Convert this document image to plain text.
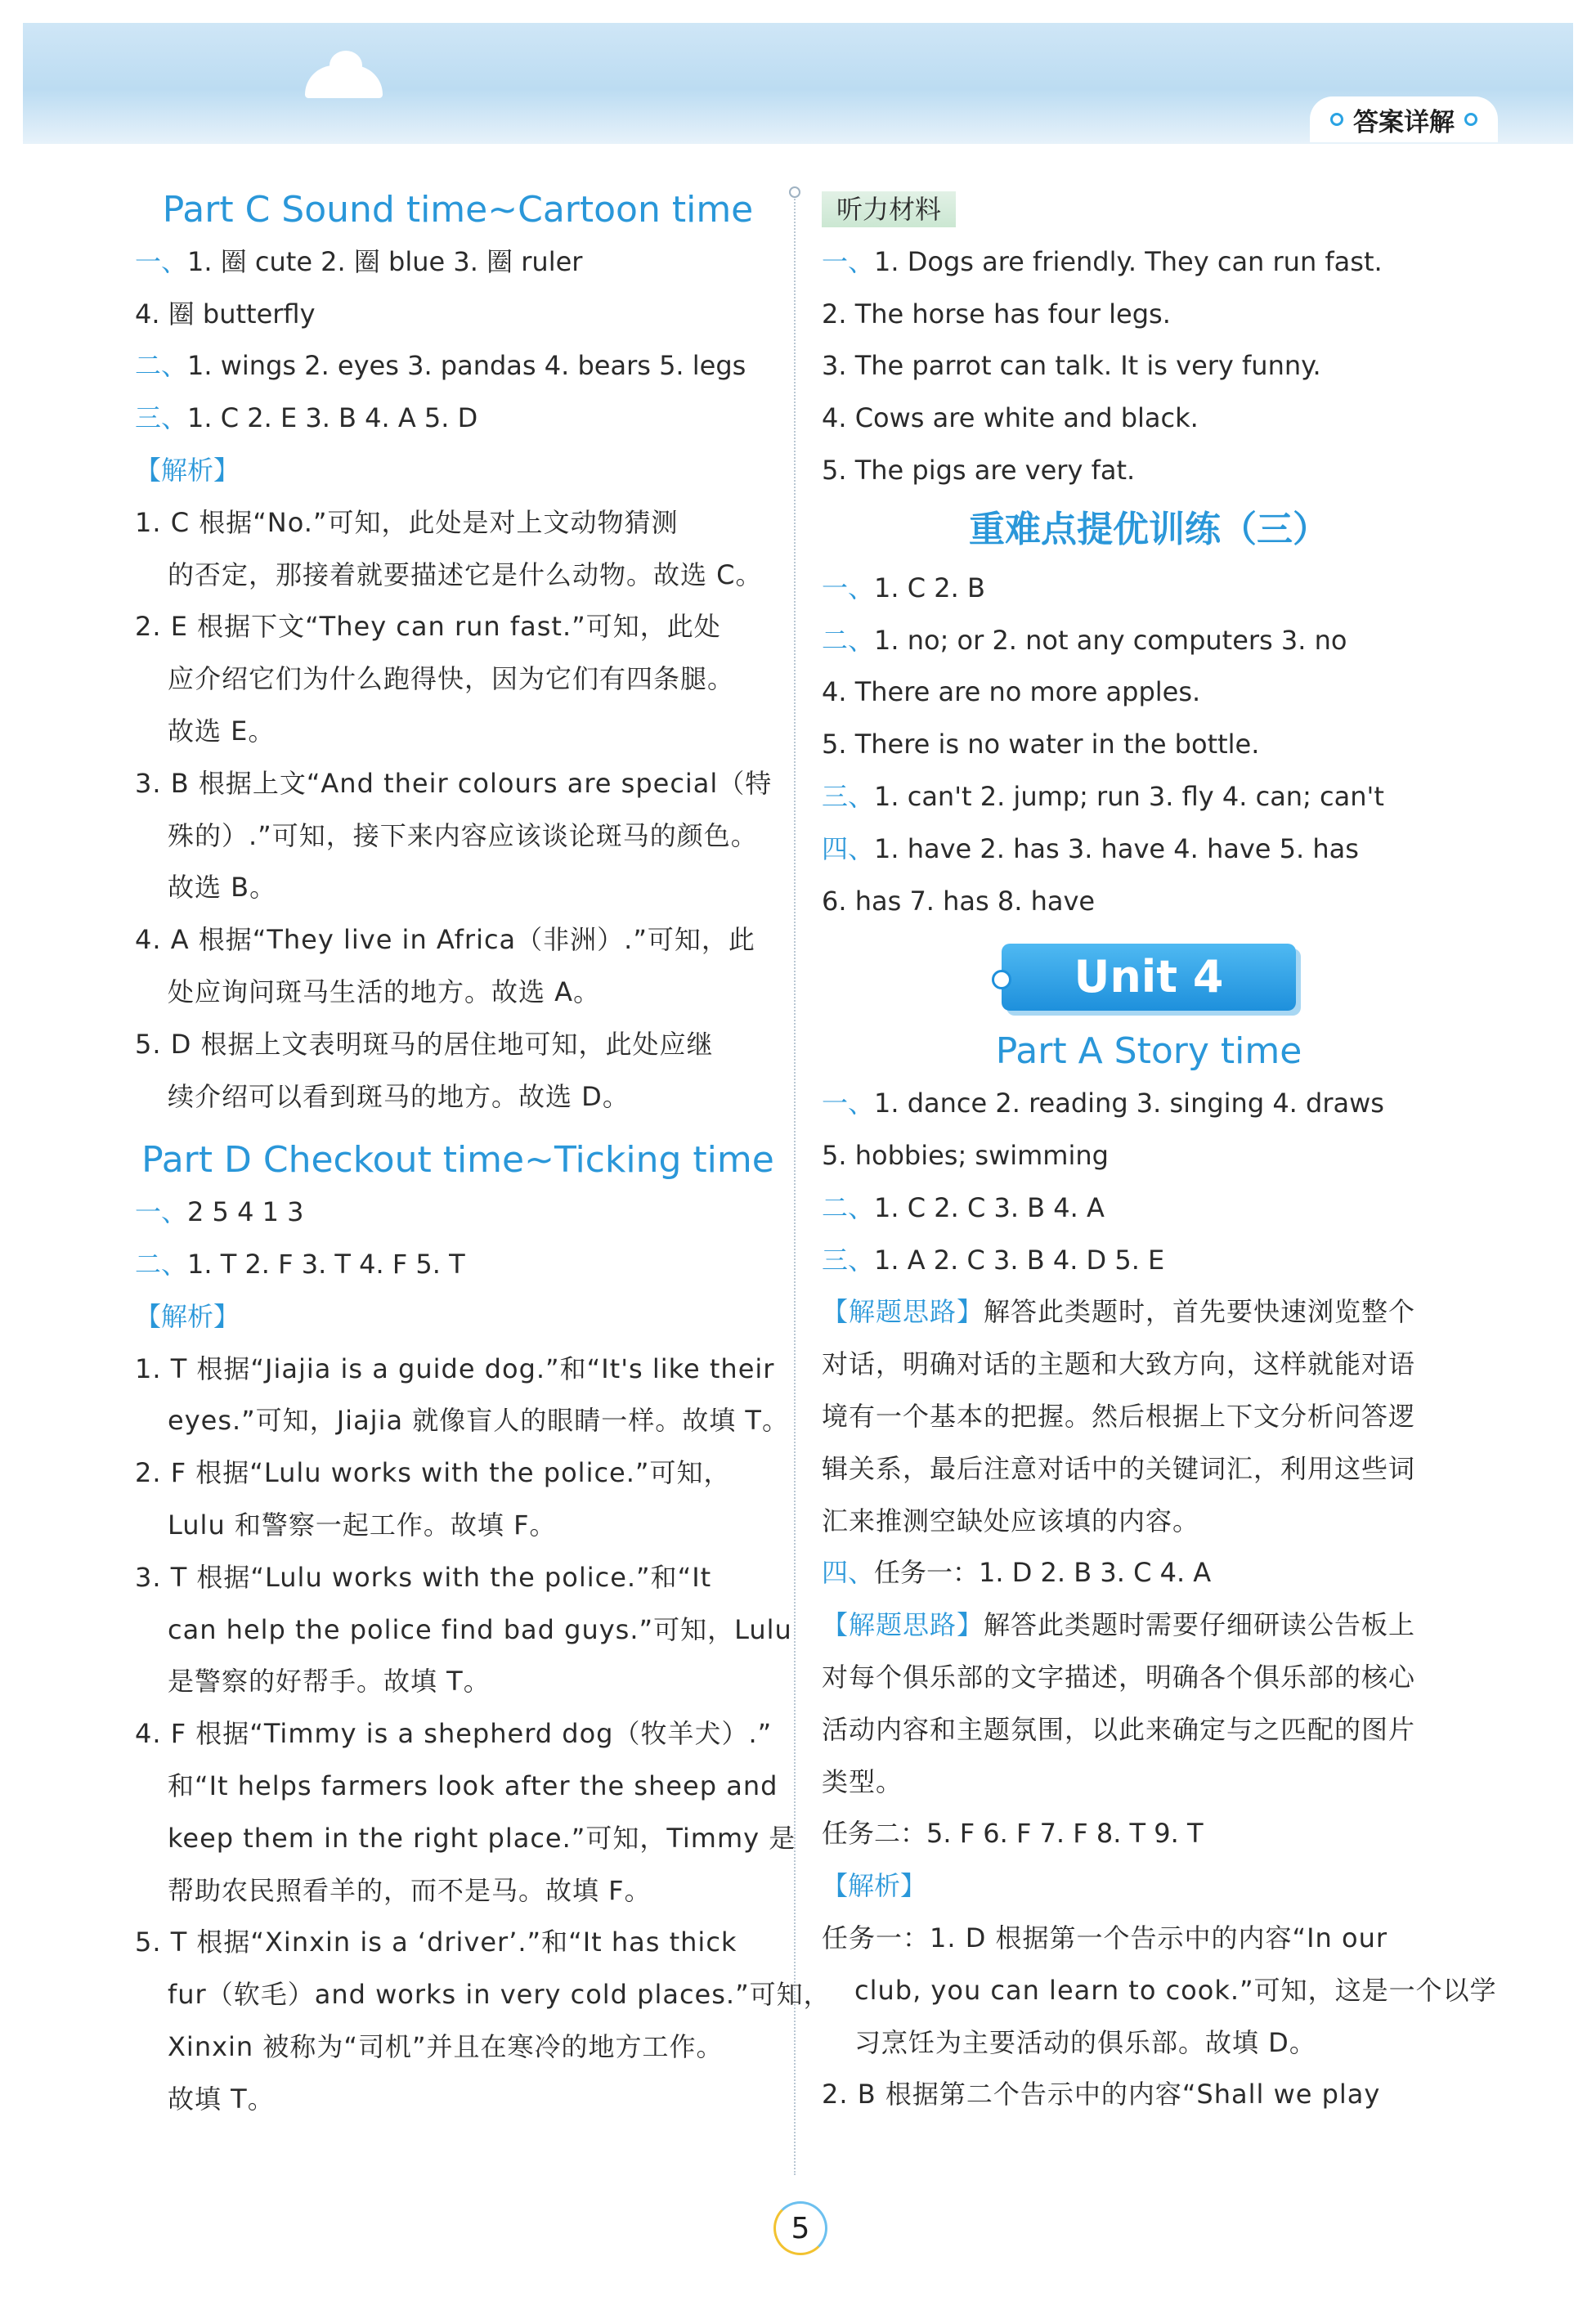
答案详解
Part C Sound time~Cartoon time
一、1. 圈 cute 2. 圈 blue 3. 圈 ruler
4. 圈 butterfly
二、1. wings 2. eyes 3. pandas 4. bears 5. legs
三、1. C 2. E 3. B 4. A 5. D
【解析】
1. C 根据“No.”可知，此处是对上文动物猜测
的否定，那接着就要描述它是什么动物。故选 C。
2. E 根据下文“They can run fast.”可知，此处
应介绍它们为什么跑得快，因为它们有四条腿。
故选 E。
3. B 根据上文“And their colours are special（特
殊的）.”可知，接下来内容应该谈论斑马的颜色。
故选 B。
4. A 根据“They live in Africa（非洲）.”可知，此
处应询问斑马生活的地方。故选 A。
5. D 根据上文表明斑马的居住地可知，此处应继
续介绍可以看到斑马的地方。故选 D。
Part D Checkout time~Ticking time
一、2 5 4 1 3
二、1. T 2. F 3. T 4. F 5. T
【解析】
1. T 根据“Jiajia is a guide dog.”和“It's like their
eyes.”可知，Jiajia 就像盲人的眼睛一样。故填 T。
2. F 根据“Lulu works with the police.”可知，
Lulu 和警察一起工作。故填 F。
3. T 根据“Lulu works with the police.”和“It
can help the police find bad guys.”可知，Lulu
是警察的好帮手。故填 T。
4. F 根据“Timmy is a shepherd dog（牧羊犬）.”
和“It helps farmers look after the sheep and
keep them in the right place.”可知，Timmy 是
帮助农民照看羊的，而不是马。故填 F。
5. T 根据“Xinxin is a ‘driver’.”和“It has thick
fur（软毛）and works in very cold places.”可知，
Xinxin 被称为“司机”并且在寒冷的地方工作。
故填 T。
听力材料
一、1. Dogs are friendly. They can run fast.
2. The horse has four legs.
3. The parrot can talk. It is very funny.
4. Cows are white and black.
5. The pigs are very fat.
重难点提优训练（三）
一、1. C 2. B
二、1. no; or 2. not any computers 3. no
4. There are no more apples.
5. There is no water in the bottle.
三、1. can't 2. jump; run 3. fly 4. can; can't
四、1. have 2. has 3. have 4. have 5. has
6. has 7. has 8. have
Unit 4
Part A Story time
一、1. dance 2. reading 3. singing 4. draws
5. hobbies; swimming
二、1. C 2. C 3. B 4. A
三、1. A 2. C 3. B 4. D 5. E
【解题思路】解答此类题时，首先要快速浏览整个
对话，明确对话的主题和大致方向，这样就能对语
境有一个基本的把握。然后根据上下文分析问答逻
辑关系，最后注意对话中的关键词汇，利用这些词
汇来推测空缺处应该填的内容。
四、任务一：1. D 2. B 3. C 4. A
【解题思路】解答此类题时需要仔细研读公告板上
对每个俱乐部的文字描述，明确各个俱乐部的核心
活动内容和主题氛围，以此来确定与之匹配的图片
类型。
任务二：5. F 6. F 7. F 8. T 9. T
【解析】
任务一：1. D 根据第一个告示中的内容“In our
club, you can learn to cook.”可知，这是一个以学
习烹饪为主要活动的俱乐部。故填 D。
2. B 根据第二个告示中的内容“Shall we play
5
